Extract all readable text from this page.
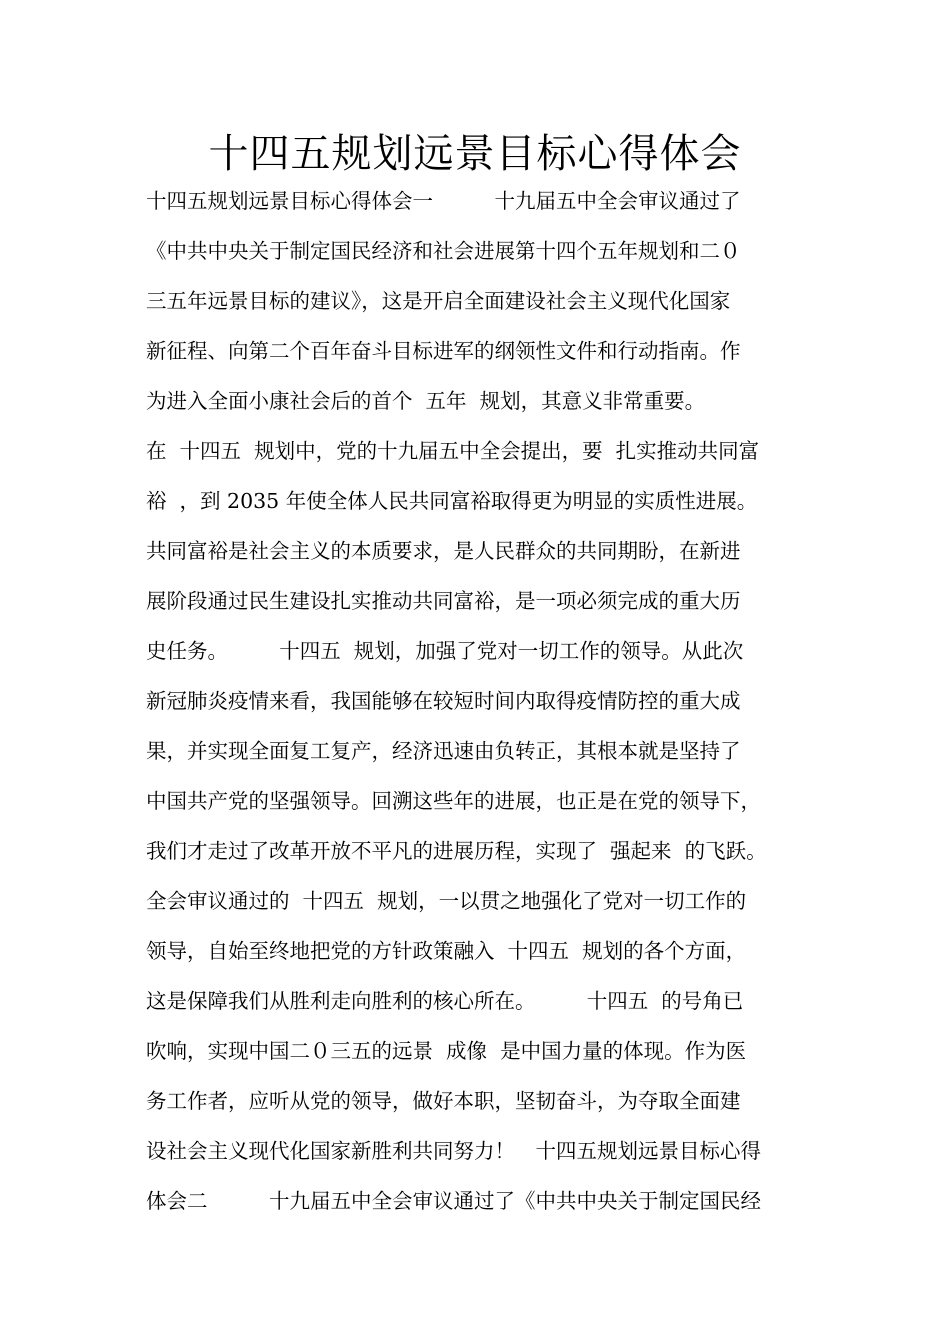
十四五规划远景目标心得体会
十四五规划远景目标心得体会一　　　十九届五中全会审议通过了
《中共中央关于制定国民经济和社会进展第十四个五年规划和二０
三五年远景目标的建议》，这是开启全面建设社会主义现代化国家
新征程、向第二个百年奋斗目标进军的纲领性文件和行动指南。作
为进入全面小康社会后的首个  五年  规划，其意义非常重要。
在  十四五  规划中，党的十九届五中全会提出，要  扎实推动共同富
裕  ，到 2035 年使全体人民共同富裕取得更为明显的实质性进展。
共同富裕是社会主义的本质要求，是人民群众的共同期盼，在新进
展阶段通过民生建设扎实推动共同富裕，是一项必须完成的重大历
史任务。　　　十四五  规划，加强了党对一切工作的领导。从此次
新冠肺炎疫情来看，我国能够在较短时间内取得疫情防控的重大成
果，并实现全面复工复产，经济迅速由负转正，其根本就是坚持了
中国共产党的坚强领导。回溯这些年的进展，也正是在党的领导下，
我们才走过了改革开放不平凡的进展历程，实现了  强起来  的飞跃。
全会审议通过的  十四五  规划，一以贯之地强化了党对一切工作的
领导，自始至终地把党的方针政策融入  十四五  规划的各个方面，
这是保障我们从胜利走向胜利的核心所在。　　　十四五  的号角已
吹响，实现中国二０三五的远景  成像  是中国力量的体现。作为医
务工作者，应听从党的领导，做好本职，坚韧奋斗，为夺取全面建
设社会主义现代化国家新胜利共同努力！　十四五规划远景目标心得
体会二　　　十九届五中全会审议通过了《中共中央关于制定国民经
